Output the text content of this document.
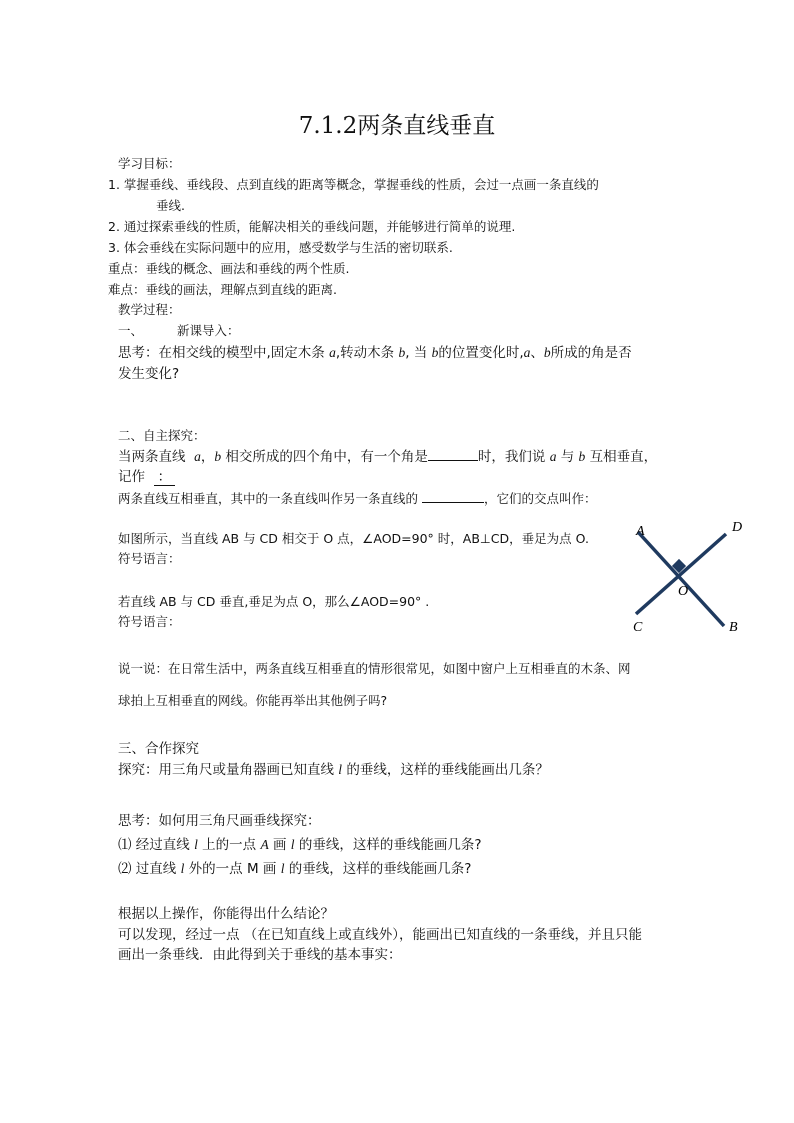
7.1.2两条直线垂直
学习目标：
1. 掌握垂线、垂线段、点到直线的距离等概念，掌握垂线的性质，会过一点画一条直线的
垂线.
2. 通过探索垂线的性质，能解决相关的垂线问题，并能够进行简单的说理.
3. 体会垂线在实际问题中的应用，感受数学与生活的密切联系.
重点：垂线的概念、画法和垂线的两个性质.
难点：垂线的画法，理解点到直线的距离.
教学过程：
一、	新课导入：
思考：在相交线的模型中,固定木条 a,转动木条 b, 当 b的位置变化时,a、b所成的角是否
发生变化?
二、自主探究：
当两条直线 a，b 相交所成的四个角中，有一个角是	时，我们说 a 与 b 互相垂直，
记作 ：
两条直线互相垂直，其中的一条直线叫作另一条直线的	，它们的交点叫作：
如图所示，当直线 AB 与 CD 相交于 O 点，∠AOD=90° 时，AB⊥CD，垂足为点 O.
符号语言：
若直线 AB 与 CD 垂直,垂足为点 O，那么∠AOD=90° .
符号语言：
说一说：在日常生活中，两条直线互相垂直的情形很常见，如图中窗户上互相垂直的木条、网
球拍上互相垂直的网线。你能再举出其他例子吗?
A	D
O
C	B
三、合作探究
探究：用三角尺或量角器画已知直线 l 的垂线，这样的垂线能画出几条？
思考：如何用三角尺画垂线探究：
⑴ 经过直线 l 上的一点 A 画 l 的垂线，这样的垂线能画几条?
⑵ 过直线 l 外的一点 M 画 l 的垂线，这样的垂线能画几条?
根据以上操作，你能得出什么结论？
可以发现，经过一点 （在已知直线上或直线外），能画出已知直线的一条垂线，并且只能
画出一条垂线．由此得到关于垂线的基本事实：
